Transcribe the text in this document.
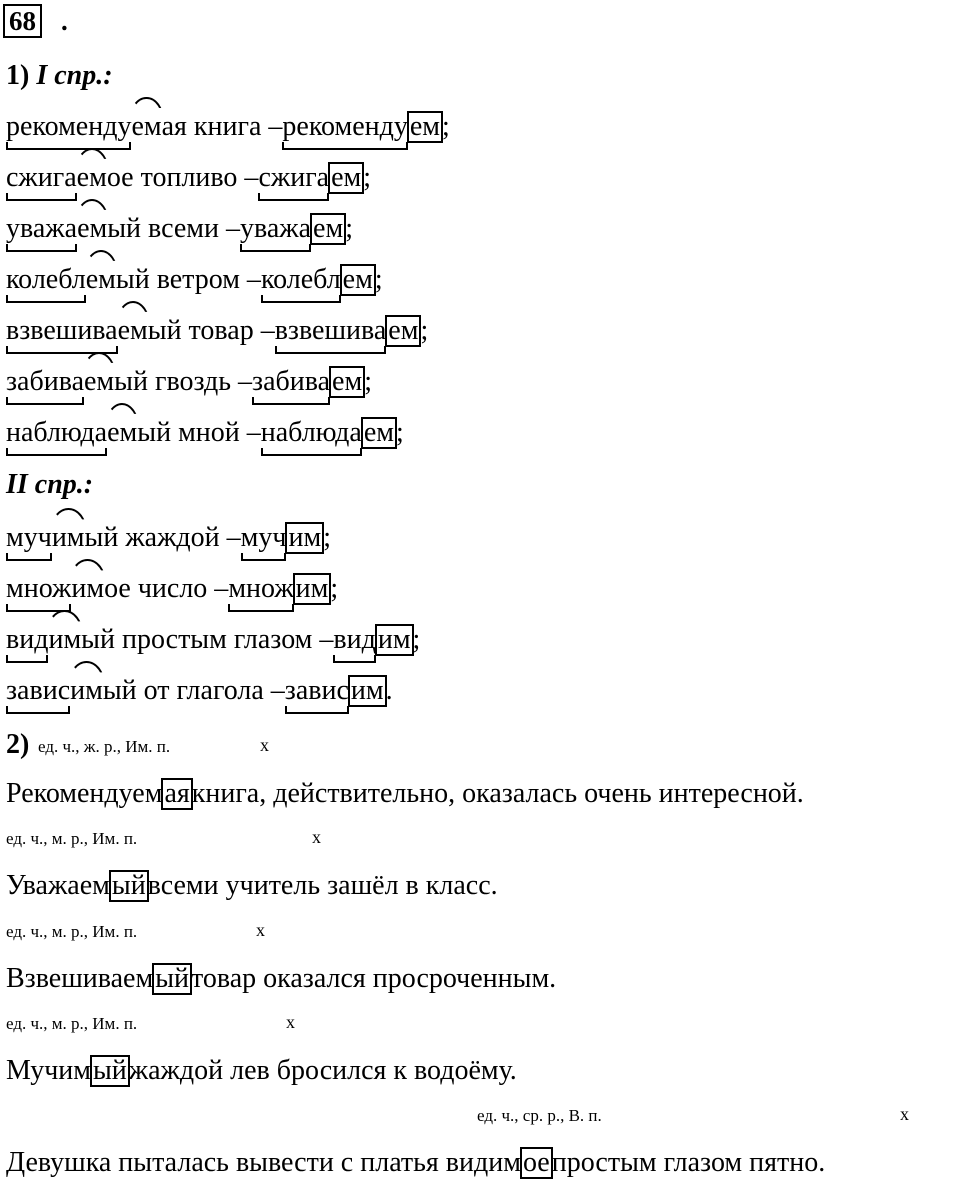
68 .
1) I спр.:
рекомендуемая книга –рекомендуем;
сжигаемое топливо –сжигаем;
уважаемый всеми –уважаем;
колеблемый ветром –колеблем;
взвешиваемый товар –взвешиваем;
забиваемый гвоздь –забиваем;
наблюдаемый мной –наблюдаем;
II спр.:
мучимый жаждой –мучим;
множимое число –множим;
видимый простым глазом –видим;
зависимый от глагола –зависим.
2) ед. ч., ж. р., Им. п.	х
Рекомендуемаякнига, действительно, оказалась очень интересной.
ед. ч., м. р., Им. п.	х
Уважаемыйвсеми учитель зашёл в класс.
ед. ч., м. р., Им. п.	х
Взвешиваемыйтовар оказался просроченным.
ед. ч., м. р., Им. п.	х
Мучимыйжаждой лев бросился к водоёму.
ед. ч., ср. р., В. п.	х
Девушка пыталась вывести с платья видимоепростым глазом пятно.
